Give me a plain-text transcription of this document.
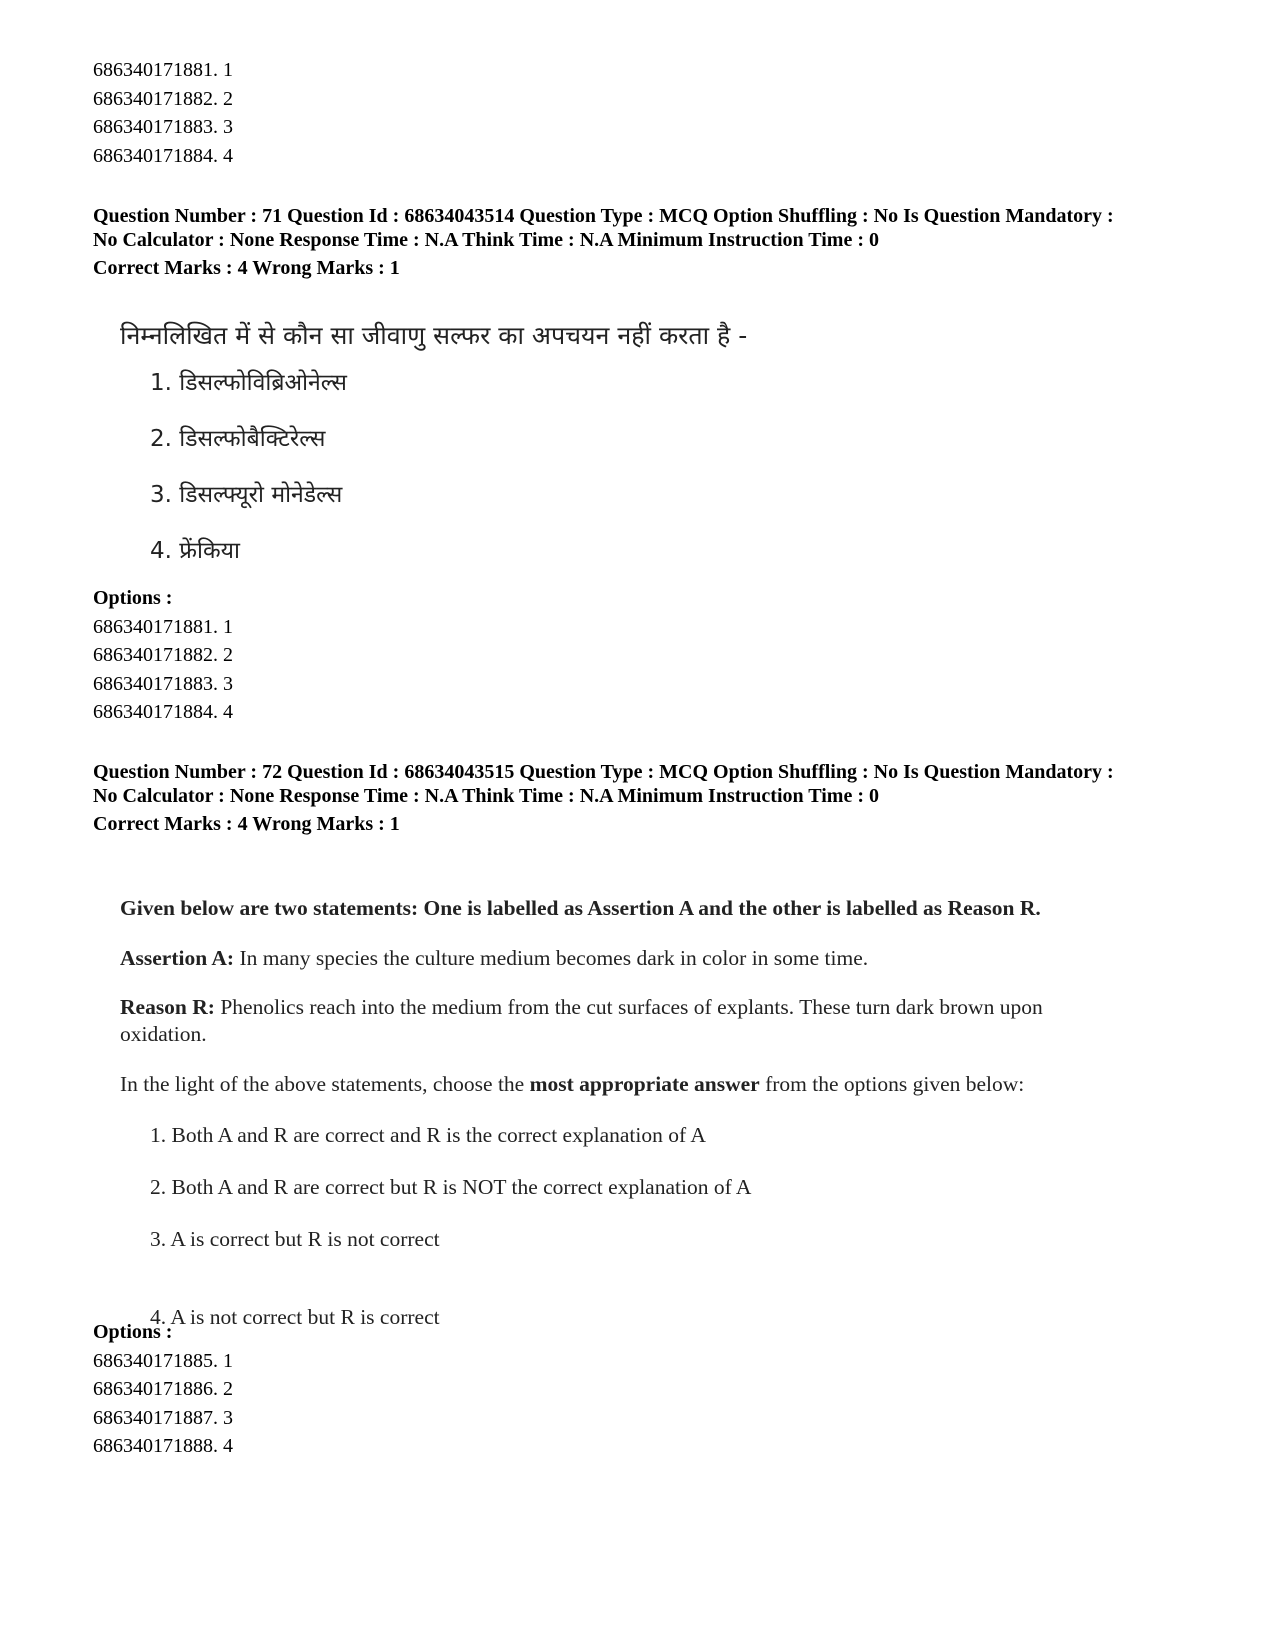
686340171881. 1
686340171882. 2
686340171883. 3
686340171884. 4
Question Number : 71 Question Id : 68634043514 Question Type : MCQ Option Shuffling : No Is Question Mandatory :
No Calculator : None Response Time : N.A Think Time : N.A Minimum Instruction Time : 0
Correct Marks : 4 Wrong Marks : 1
निम्नलिखित में से कौन सा जीवाणु सल्फर का अपचयन नहीं करता है -
1. डिसल्फोविब्रिओनेल्स
2. डिसल्फोबैक्टिरेल्स
3. डिसल्फ्यूरो मोनेडेल्स
4. फ्रेंकिया
Options :
686340171881. 1
686340171882. 2
686340171883. 3
686340171884. 4
Question Number : 72 Question Id : 68634043515 Question Type : MCQ Option Shuffling : No Is Question Mandatory :
No Calculator : None Response Time : N.A Think Time : N.A Minimum Instruction Time : 0
Correct Marks : 4 Wrong Marks : 1

Given below are two statements: One is labelled as Assertion A and the other is labelled as Reason R.

Assertion A: In many species the culture medium becomes dark in color in some time.

Reason R: Phenolics reach into the medium from the cut surfaces of explants. These turn dark brown upon
oxidation.

In the light of the above statements, choose the most appropriate answer from the options given below:

1. Both A and R are correct and R is the correct explanation of A
2. Both A and R are correct but R is NOT the correct explanation of A
3. A is correct but R is not correct
4. A is not correct but R is correct
Options :
686340171885. 1
686340171886. 2
686340171887. 3
686340171888. 4
